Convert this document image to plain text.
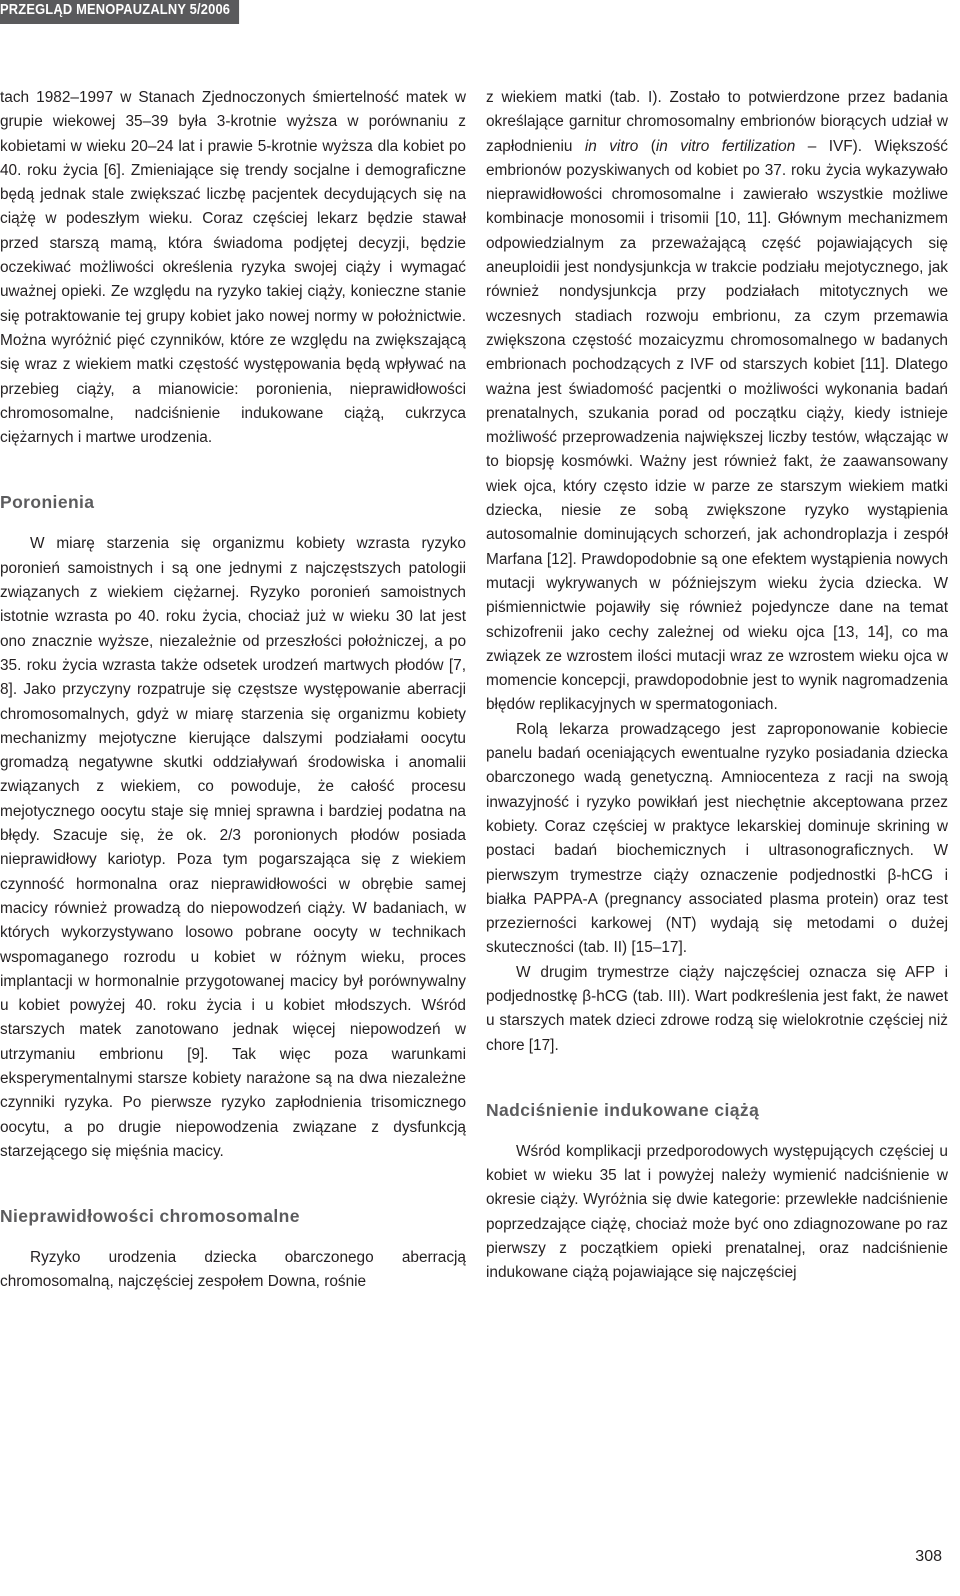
PRZEGLĄD MENOPAUZALNY 5/2006

tach 1982–1997 w Stanach Zjednoczonych śmiertelność matek w grupie wiekowej 35–39 była 3-krotnie wyższa w porównaniu z kobietami w wieku 20–24 lat i prawie 5-krotnie wyższa dla kobiet po 40. roku życia [6]. Zmieniające się trendy socjalne i demograficzne będą jednak stale zwiększać liczbę pacjentek decydujących się na ciążę w podeszłym wieku. Coraz częściej lekarz będzie stawał przed starszą mamą, która świadoma podjętej decyzji, będzie oczekiwać możliwości określenia ryzyka swojej ciąży i wymagać uważnej opieki. Ze względu na ryzyko takiej ciąży, konieczne stanie się potraktowanie tej grupy kobiet jako nowej normy w położnictwie. Można wyróżnić pięć czynników, które ze względu na zwiększającą się wraz z wiekiem matki częstość występowania będą wpływać na przebieg ciąży, a mianowicie: poronienia, nieprawidłowości chromosomalne, nadciśnienie indukowane ciążą, cukrzyca ciężarnych i martwe urodzenia.

Poronienia

W miarę starzenia się organizmu kobiety wzrasta ryzyko poronień samoistnych i są one jednymi z najczęstszych patologii związanych z wiekiem ciężarnej. Ryzyko poronień samoistnych istotnie wzrasta po 40. roku życia, chociaż już w wieku 30 lat jest ono znacznie wyższe, niezależnie od przeszłości położniczej, a po 35. roku życia wzrasta także odsetek urodzeń martwych płodów [7, 8]. Jako przyczyny rozpatruje się częstsze występowanie aberracji chromosomalnych, gdyż w miarę starzenia się organizmu kobiety mechanizmy mejotyczne kierujące dalszymi podziałami oocytu gromadzą negatywne skutki oddziaływań środowiska i anomalii związanych z wiekiem, co powoduje, że całość procesu mejotycznego oocytu staje się mniej sprawna i bardziej podatna na błędy. Szacuje się, że ok. 2/3 poronionych płodów posiada nieprawidłowy kariotyp. Poza tym pogarszająca się z wiekiem czynność hormonalna oraz nieprawidłowości w obrębie samej macicy również prowadzą do niepowodzeń ciąży. W badaniach, w których wykorzystywano losowo pobrane oocyty w technikach wspomaganego rozrodu u kobiet w różnym wieku, proces implantacji w hormonalnie przygotowanej macicy był porównywalny u kobiet powyżej 40. roku życia i u kobiet młodszych. Wśród starszych matek zanotowano jednak więcej niepowodzeń w utrzymaniu embrionu [9]. Tak więc poza warunkami eksperymentalnymi starsze kobiety narażone są na dwa niezależne czynniki ryzyka. Po pierwsze ryzyko zapłodnienia trisomicznego oocytu, a po drugie niepowodzenia związane z dysfunkcją starzejącego się mięśnia macicy.

Nieprawidłowości chromosomalne

Ryzyko urodzenia dziecka obarczonego aberracją chromosomalną, najczęściej zespołem Downa, rośnie

z wiekiem matki (tab. I). Zostało to potwierdzone przez badania określające garnitur chromosomalny embrionów biorących udział w zapłodnieniu in vitro (in vitro fertilization – IVF). Większość embrionów pozyskiwanych od kobiet po 37. roku życia wykazywało nieprawidłowości chromosomalne i zawierało wszystkie możliwe kombinacje monosomii i trisomii [10, 11]. Głównym mechanizmem odpowiedzialnym za przeważającą część pojawiających się aneuploidii jest nondysjunkcja w trakcie podziału mejotycznego, jak również nondysjunkcja przy podziałach mitotycznych we wczesnych stadiach rozwoju embrionu, za czym przemawia zwiększona częstość mozaicyzmu chromosomalnego w badanych embrionach pochodzących z IVF od starszych kobiet [11]. Dlatego ważna jest świadomość pacjentki o możliwości wykonania badań prenatalnych, szukania porad od początku ciąży, kiedy istnieje możliwość przeprowadzenia największej liczby testów, włączając w to biopsję kosmówki. Ważny jest również fakt, że zaawansowany wiek ojca, który często idzie w parze ze starszym wiekiem matki dziecka, niesie ze sobą zwiększone ryzyko wystąpienia autosomalnie dominujących schorzeń, jak achondroplazja i zespół Marfana [12]. Prawdopodobnie są one efektem wystąpienia nowych mutacji wykrywanych w późniejszym wieku życia dziecka. W piśmiennictwie pojawiły się również pojedyncze dane na temat schizofrenii jako cechy zależnej od wieku ojca [13, 14], co ma związek ze wzrostem ilości mutacji wraz ze wzrostem wieku ojca w momencie koncepcji, prawdopodobnie jest to wynik nagromadzenia błędów replikacyjnych w spermatogoniach.

Rolą lekarza prowadzącego jest zaproponowanie kobiecie panelu badań oceniających ewentualne ryzyko posiadania dziecka obarczonego wadą genetyczną. Amniocenteza z racji na swoją inwazyjność i ryzyko powikłań jest niechętnie akceptowana przez kobiety. Coraz częściej w praktyce lekarskiej dominuje skrining w postaci badań biochemicznych i ultrasonograficznych. W pierwszym trymestrze ciąży oznaczenie podjednostki β-hCG i białka PAPPA-A (pregnancy associated plasma protein) oraz test przezierności karkowej (NT) wydają się metodami o dużej skuteczności (tab. II) [15–17].

W drugim trymestrze ciąży najczęściej oznacza się AFP i podjednostkę β-hCG (tab. III). Wart podkreślenia jest fakt, że nawet u starszych matek dzieci zdrowe rodzą się wielokrotnie częściej niż chore [17].

Nadciśnienie indukowane ciążą

Wśród komplikacji przedporodowych występujących częściej u kobiet w wieku 35 lat i powyżej należy wymienić nadciśnienie w okresie ciąży. Wyróżnia się dwie kategorie: przewlekłe nadciśnienie poprzedzające ciążę, chociaż może być ono zdiagnozowane po raz pierwszy z początkiem opieki prenatalnej, oraz nadciśnienie indukowane ciążą pojawiające się najczęściej

308
